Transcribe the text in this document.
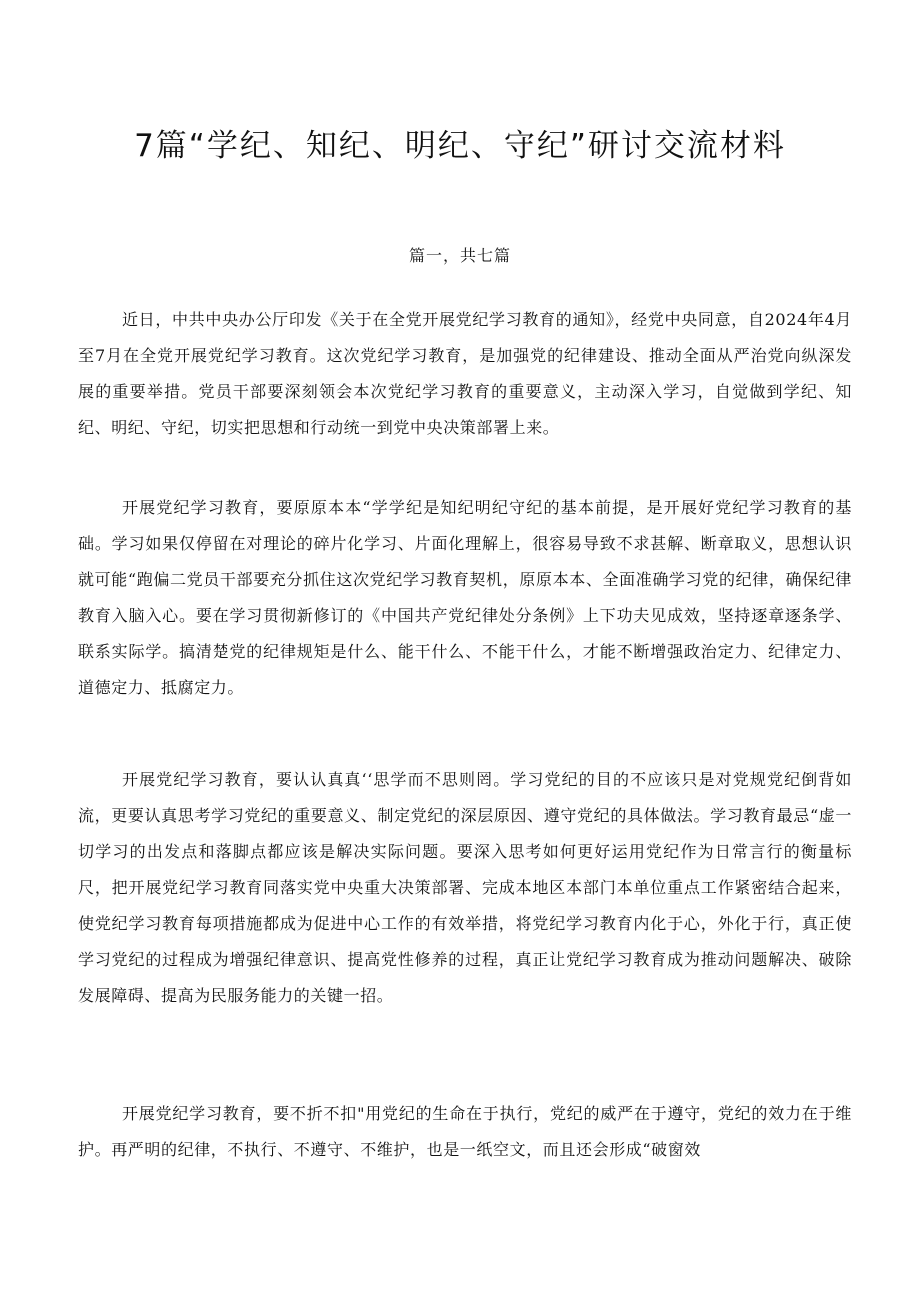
7篇“学纪、知纪、明纪、守纪”研讨交流材料
篇一，共七篇

近日，中共中央办公厅印发《关于在全党开展党纪学习教育的通知》，经党中央同意，自2024年4月至7月在全党开展党纪学习教育。这次党纪学习教育，是加强党的纪律建设、推动全面从严治党向纵深发展的重要举措。党员干部要深刻领会本次党纪学习教育的重要意义，主动深入学习，自觉做到学纪、知纪、明纪、守纪，切实把思想和行动统一到党中央决策部署上来。

开展党纪学习教育，要原原本本“学学纪是知纪明纪守纪的基本前提，是开展好党纪学习教育的基础。学习如果仅停留在对理论的碎片化学习、片面化理解上，很容易导致不求甚解、断章取义，思想认识就可能“跑偏二党员干部要充分抓住这次党纪学习教育契机，原原本本、全面准确学习党的纪律，确保纪律教育入脑入心。要在学习贯彻新修订的《中国共产党纪律处分条例》上下功夫见成效，坚持逐章逐条学、联系实际学。搞清楚党的纪律规矩是什么、能干什么、不能干什么，才能不断增强政治定力、纪律定力、道德定力、抵腐定力。

开展党纪学习教育，要认认真真‘‘思学而不思则罔。学习党纪的目的不应该只是对党规党纪倒背如流，更要认真思考学习党纪的重要意义、制定党纪的深层原因、遵守党纪的具体做法。学习教育最忌“虚一切学习的出发点和落脚点都应该是解决实际问题。要深入思考如何更好运用党纪作为日常言行的衡量标尺，把开展党纪学习教育同落实党中央重大决策部署、完成本地区本部门本单位重点工作紧密结合起来，使党纪学习教育每项措施都成为促进中心工作的有效举措，将党纪学习教育内化于心，外化于行，真正使学习党纪的过程成为增强纪律意识、提高党性修养的过程，真正让党纪学习教育成为推动问题解决、破除发展障碍、提高为民服务能力的关键一招。

开展党纪学习教育，要不折不扣"用党纪的生命在于执行，党纪的威严在于遵守，党纪的效力在于维护。再严明的纪律，不执行、不遵守、不维护，也是一纸空文，而且还会形成“破窗效
